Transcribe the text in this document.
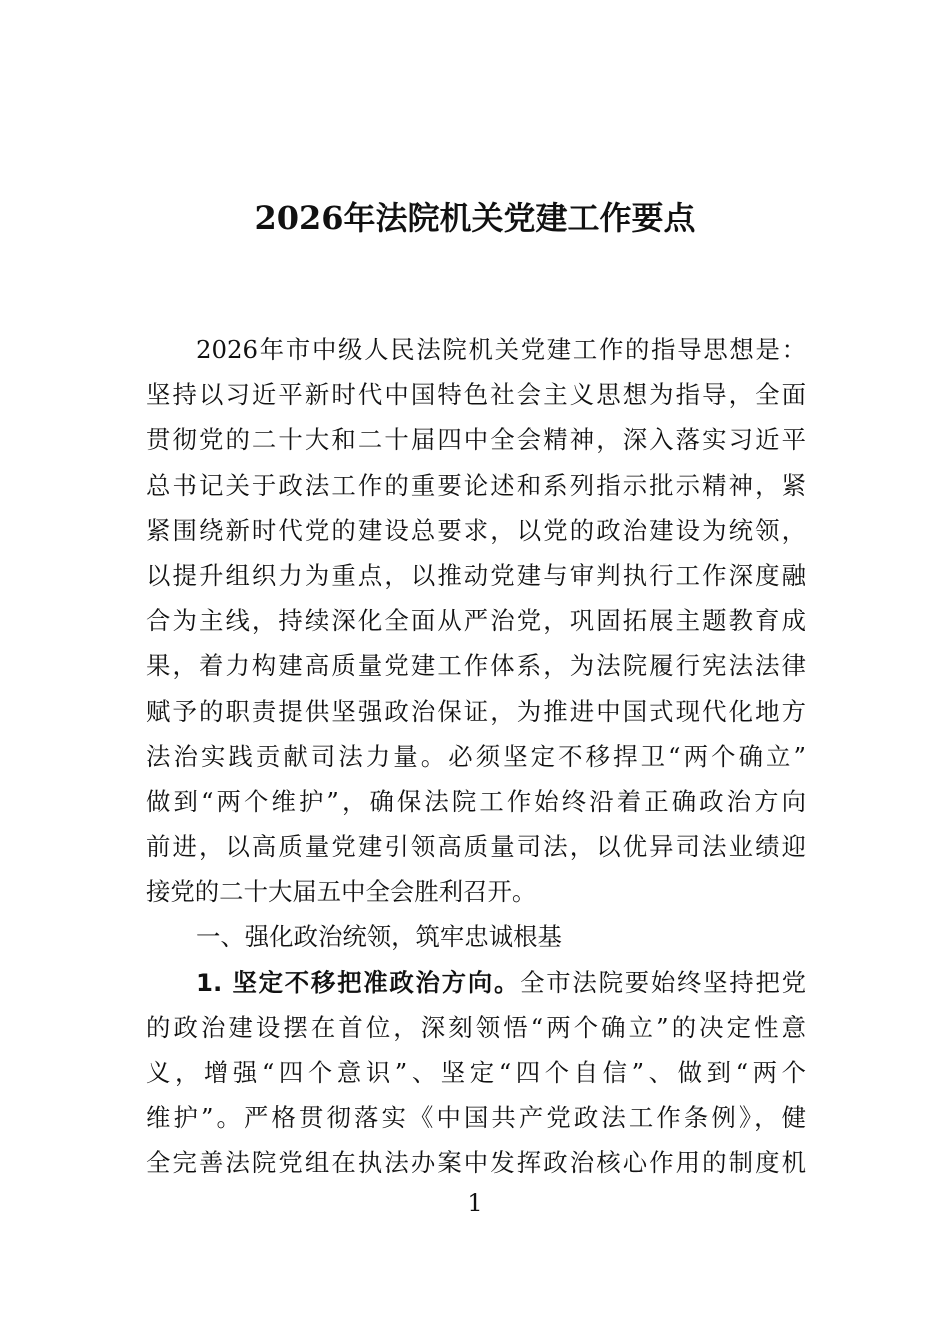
2026年法院机关党建工作要点
2026年市中级人民法院机关党建工作的指导思想是：
坚持以习近平新时代中国特色社会主义思想为指导，全面
贯彻党的二十大和二十届四中全会精神，深入落实习近平
总书记关于政法工作的重要论述和系列指示批示精神，紧
紧围绕新时代党的建设总要求，以党的政治建设为统领，
以提升组织力为重点，以推动党建与审判执行工作深度融
合为主线，持续深化全面从严治党，巩固拓展主题教育成
果，着力构建高质量党建工作体系，为法院履行宪法法律
赋予的职责提供坚强政治保证，为推进中国式现代化地方
法治实践贡献司法力量。必须坚定不移捍卫“两个确立”
做到“两个维护”，确保法院工作始终沿着正确政治方向
前进，以高质量党建引领高质量司法，以优异司法业绩迎
接党的二十大届五中全会胜利召开。
一、强化政治统领，筑牢忠诚根基
1. 坚定不移把准政治方向。全市法院要始终坚持把党
的政治建设摆在首位，深刻领悟“两个确立”的决定性意
义，增强“四个意识”、坚定“四个自信”、做到“两个
维护”。严格贯彻落实《中国共产党政法工作条例》，健
全完善法院党组在执法办案中发挥政治核心作用的制度机
1
